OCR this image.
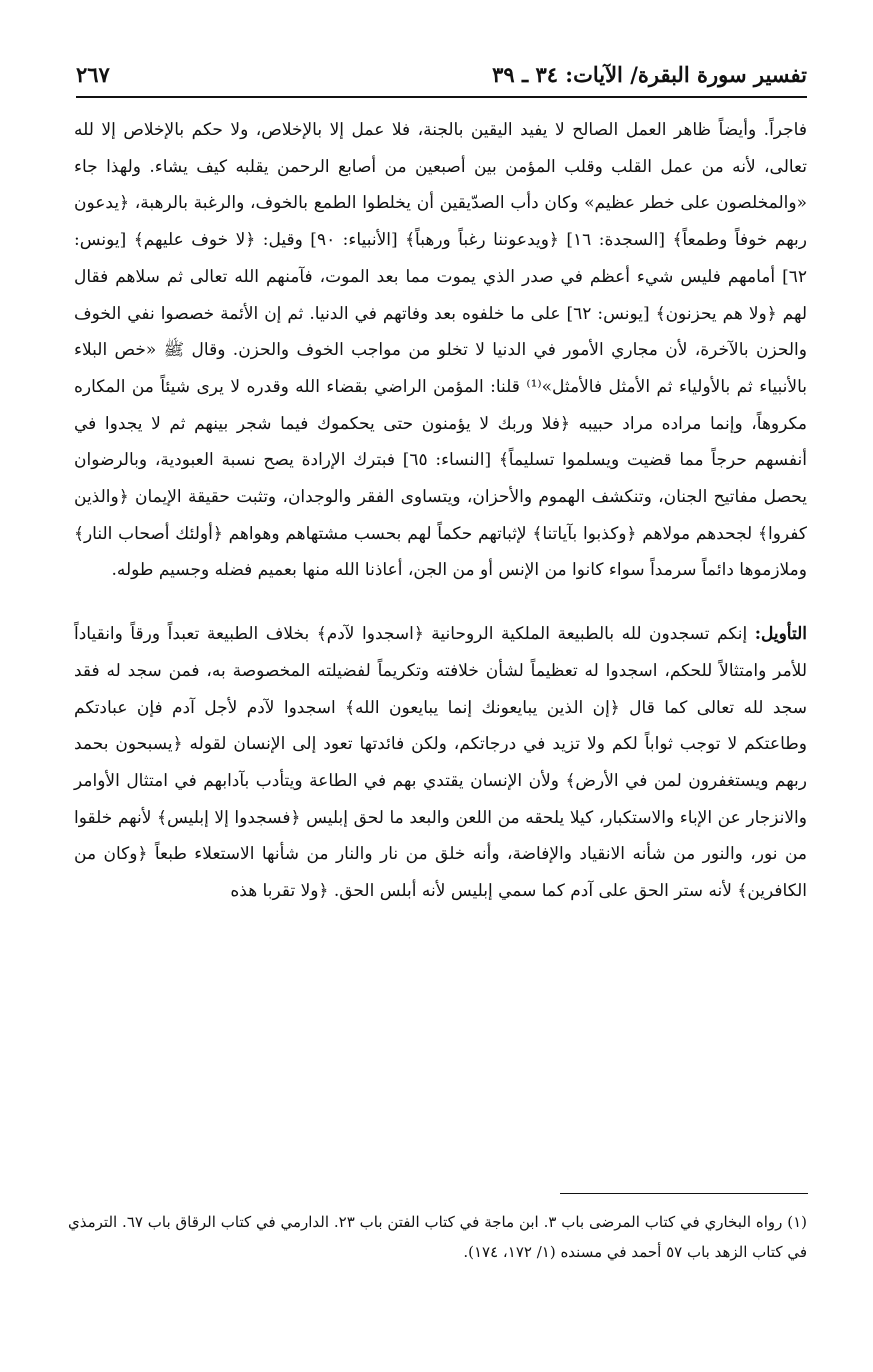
تفسير سورة البقرة/ الآيات: ٣٤ ـ ٣٩
٢٦٧

فاجراً. وأيضاً ظاهر العمل الصالح لا يفيد اليقين بالجنة، فلا عمل إلا بالإخلاص، ولا حكم بالإخلاص إلا لله تعالى، لأنه من عمل القلب وقلب المؤمن بين أصبعين من أصابع الرحمن يقلبه كيف يشاء. ولهذا جاء «والمخلصون على خطر عظيم» وكان دأب الصدّيقين أن يخلطوا الطمع بالخوف، والرغبة بالرهبة، ﴿يدعون ربهم خوفاً وطمعاً﴾ [السجدة: ١٦] ﴿ويدعوننا رغباً ورهباً﴾ [الأنبياء: ٩٠] وقيل: ﴿لا خوف عليهم﴾ [يونس: ٦٢] أمامهم فليس شيء أعظم في صدر الذي يموت مما بعد الموت، فآمنهم الله تعالى ثم سلاهم فقال لهم ﴿ولا هم يحزنون﴾ [يونس: ٦٢] على ما خلفوه بعد وفاتهم في الدنيا. ثم إن الأئمة خصصوا نفي الخوف والحزن بالآخرة، لأن مجاري الأمور في الدنيا لا تخلو من مواجب الخوف والحزن. وقال ﷺ «خص البلاء بالأنبياء ثم بالأولياء ثم الأمثل فالأمثل»⁽¹⁾ قلنا: المؤمن الراضي بقضاء الله وقدره لا يرى شيئاً من المكاره مكروهاً، وإنما مراده مراد حبيبه ﴿فلا وربك لا يؤمنون حتى يحكموك فيما شجر بينهم ثم لا يجدوا في أنفسهم حرجاً مما قضيت ويسلموا تسليماً﴾ [النساء: ٦٥] فبترك الإرادة يصح نسبة العبودية، وبالرضوان يحصل مفاتيح الجنان، وتنكشف الهموم والأحزان، ويتساوى الفقر والوجدان، وتثبت حقيقة الإيمان ﴿والذين كفروا﴾ لجحدهم مولاهم ﴿وكذبوا بآياتنا﴾ لإثباتهم حكماً لهم بحسب مشتهاهم وهواهم ﴿أولئك أصحاب النار﴾ وملازموها دائماً سرمداً سواء كانوا من الإنس أو من الجن، أعاذنا الله منها بعميم فضله وجسيم طوله.

التأويل: إنكم تسجدون لله بالطبيعة الملكية الروحانية ﴿اسجدوا لآدم﴾ بخلاف الطبيعة تعبداً ورقاً وانقياداً للأمر وامتثالاً للحكم، اسجدوا له تعظيماً لشأن خلافته وتكريماً لفضيلته المخصوصة به، فمن سجد له فقد سجد لله تعالى كما قال ﴿إن الذين يبايعونك إنما يبايعون الله﴾ اسجدوا لآدم لأجل آدم فإن عبادتكم وطاعتكم لا توجب ثواباً لكم ولا تزيد في درجاتكم، ولكن فائدتها تعود إلى الإنسان لقوله ﴿يسبحون بحمد ربهم ويستغفرون لمن في الأرض﴾ ولأن الإنسان يقتدي بهم في الطاعة ويتأدب بآدابهم في امتثال الأوامر والانزجار عن الإباء والاستكبار، كيلا يلحقه من اللعن والبعد ما لحق إبليس ﴿فسجدوا إلا إبليس﴾ لأنهم خلقوا من نور، والنور من شأنه الانقياد والإفاضة، وأنه خلق من نار والنار من شأنها الاستعلاء طبعاً ﴿وكان من الكافرين﴾ لأنه ستر الحق على آدم كما سمي إبليس لأنه أبلس الحق. ﴿ولا تقربا هذه

(١) رواه البخاري في كتاب المرضى باب ٣. ابن ماجة في كتاب الفتن باب ٢٣. الدارمي في كتاب الرقاق باب ٦٧. الترمذي في كتاب الزهد باب ٥٧ أحمد في مسنده (١/ ١٧٢، ١٧٤).
